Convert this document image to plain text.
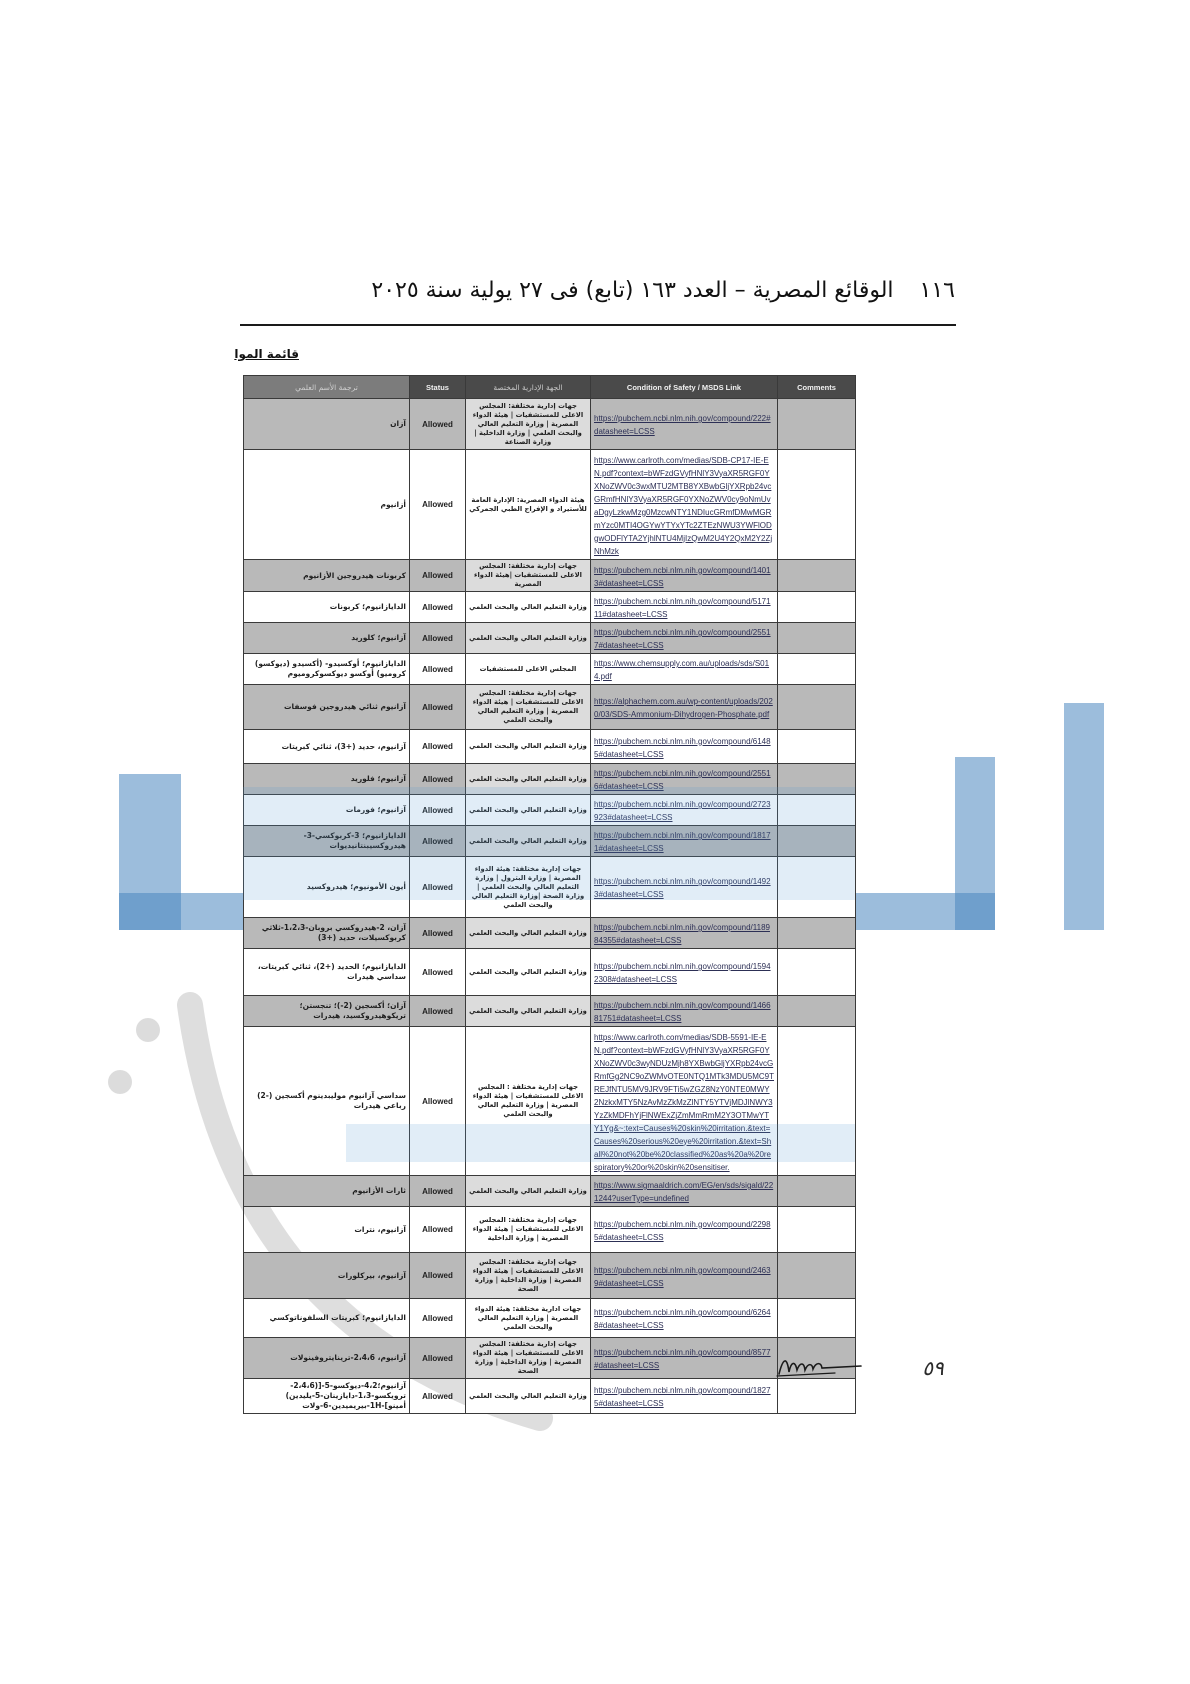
١١٦الوقائع المصرية – العدد ١٦٣ (تابع) فى ٢٧ يولية سنة ٢٠٢٥
قائمة الموا
ترجمة الأسم العلمي	Status	الجهة الإدارية المختصة	Condition of Safety / MSDS Link	Comments
آزان	Allowed	جهات إدارية مختلفة: المجلس الاعلى للمستشفيات | هيئة الدواء المصرية | وزارة التعليم العالي والبحث العلمي | وزارة الداخلية | وزارة الصناعة	https://pubchem.ncbi.nlm.nih.gov/compound/222#datasheet=LCSS	
أزانيوم	Allowed	هيئة الدواء المصرية: الإدارة العامة للأستيراد و الإفراج الطبي الجمركي	https://www.carlroth.com/medias/SDB-CP17-IE-EN.pdf?context=bWFzdGVyfHNlY3VyaXR5RGF0YXNoZWV0c3wxMTU2MTB8YXBwbGljYXRpb24vcGRmfHNlY3VyaXR5RGF0YXNoZWV0cy9oNmUvaDgyLzkwMzg0MzcwNTY1NDIucGRmfDMwMGRmYzc0MTI4OGYwYTYxYTc2ZTEzNWU3YWFlODgwODFlYTA2YjhlNTU4MjIzQwM2U4Y2QxM2Y2ZjNhMzk	
كربونات هيدروجين الأزانيوم	Allowed	جهات إدارية مختلفة: المجلس الاعلى للمستشفيات |هيئة الدواء المصرية	https://pubchem.ncbi.nlm.nih.gov/compound/14013#datasheet=LCSS	
الدايازانيوم؛ كربونات	Allowed	وزارة التعليم العالي والبحث العلمي	https://pubchem.ncbi.nlm.nih.gov/compound/517111#datasheet=LCSS	
آزانيوم؛ كلوريد	Allowed	وزارة التعليم العالي والبحث العلمي	https://pubchem.ncbi.nlm.nih.gov/compound/25517#datasheet=LCSS	
الدايازانيوم؛ أوكسيدو- (أكسيدو (ديوكسو) كروميو) أوكسو ديوكسوكروميوم	Allowed	المجلس الاعلى للمستشفيات	https://www.chemsupply.com.au/uploads/sds/S014.pdf	
آزانيوم ثنائي هيدروجين فوسفات	Allowed	جهات إدارية مختلفة: المجلس الاعلى للمستشفيات | هيئة الدواء المصرية | وزارة التعليم العالي والبحث العلمي	https://alphachem.com.au/wp-content/uploads/2020/03/SDS-Ammonium-Dihydrogen-Phosphate.pdf	
آزانيوم، حديد (+3)، ثنائي كبريتات	Allowed	وزارة التعليم العالي والبحث العلمي	https://pubchem.ncbi.nlm.nih.gov/compound/61485#datasheet=LCSS	
آزانيوم؛ فلوريد	Allowed	وزارة التعليم العالي والبحث العلمي	https://pubchem.ncbi.nlm.nih.gov/compound/25516#datasheet=LCSS	
آزانيوم؛ فورمات	Allowed	وزارة التعليم العالي والبحث العلمي	https://pubchem.ncbi.nlm.nih.gov/compound/2723923#datasheet=LCSS	
الدايازانيوم؛ 3-كربوكسي-3-هيدروكسيبنتانيديوات	Allowed	وزارة التعليم العالي والبحث العلمي	https://pubchem.ncbi.nlm.nih.gov/compound/18171#datasheet=LCSS	
أيون الأمونيوم؛ هيدروكسيد	Allowed	جهات إدارية مختلفة: هيئة الدواء المصرية | وزارة البترول | وزارة التعليم العالي والبحث العلمي | وزارة الصحة |وزارة التعليم العالي والبحث العلمي	https://pubchem.ncbi.nlm.nih.gov/compound/14923#datasheet=LCSS	
آزان، 2-هيدروكسي بروبان-1،2،3-ثلاثي كربوكسيلات، حديد (+3)	Allowed	وزارة التعليم العالي والبحث العلمي	https://pubchem.ncbi.nlm.nih.gov/compound/118984355#datasheet=LCSS	
الدايازانيوم؛ الحديد (+2)، ثنائي كبريتات، سداسي هيدرات	Allowed	وزارة التعليم العالي والبحث العلمي	https://pubchem.ncbi.nlm.nih.gov/compound/15942308#datasheet=LCSS	
آزان؛ أكسجين (2-)؛ تنجستن؛ تريكوهيدروكسيد، هيدرات	Allowed	وزارة التعليم العالي والبحث العلمي	https://pubchem.ncbi.nlm.nih.gov/compound/146681751#datasheet=LCSS	
سداسي آزانيوم موليبدينوم أكسجين (-2) رباعي هيدرات	Allowed	جهات إدارية مختلفة : المجلس الاعلى للمستشفيات | هيئة الدواء المصرية | وزارة التعليم العالي والبحث العلمي	https://www.carlroth.com/medias/SDB-5591-IE-EN.pdf?context=bWFzdGVyfHNlY3VyaXR5RGF0YXNoZWV0c3wyNDUzMjh8YXBwbGljYXRpb24vcGRmfGg2NC9oZWMvOTE0NTQ1MTk3MDU5MC9TREJfNTU5MV9JRV9FTi5wZGZ8NzY0NTE0MWY2NzkxMTY5NzAvMzZkMzZlNTY5YTVjMDJlNWY3YzZkMDFhYjFlNWExZjZmMmRmM2Y3OTMwYTY1Yg&~:text=Causes%20skin%20irritation.&text=Causes%20serious%20eye%20irritation.&text=Shall%20not%20be%20classified%20as%20a%20respiratory%20or%20skin%20sensitiser.	
ثارات الأزانيوم	Allowed	وزارة التعليم العالي والبحث العلمي	https://www.sigmaaldrich.com/EG/en/sds/sigald/221244?userType=undefined	
آزانيوم، نترات	Allowed	جهات إدارية مختلفة: المجلس الاعلى للمستشفيات | هيئة الدواء المصرية | وزارة الداخلية	https://pubchem.ncbi.nlm.nih.gov/compound/22985#datasheet=LCSS	
آزانيوم، بيركلورات	Allowed	جهات إدارية مختلفة: المجلس الاعلى للمستشفيات | هيئة الدواء المصرية | وزارة الداخلية | وزارة الصحة	https://pubchem.ncbi.nlm.nih.gov/compound/24639#datasheet=LCSS	
الدايازانيوم؛ كبريتات السلفوناتوكسي	Allowed	جهات ادارية مختلفة: هيئة الدواء المصرية | وزارة التعليم العالي والبحث العلمي	https://pubchem.ncbi.nlm.nih.gov/compound/62648#datasheet=LCSS	
آزانيوم، 2،4،6-ترينايتروفينولات	Allowed	جهات إدارية مختلفة: المجلس الاعلى للمستشفيات | هيئة الدواء المصرية | وزارة الداخلية | وزارة الصحة	https://pubchem.ncbi.nlm.nih.gov/compound/8577#datasheet=LCSS	
آزانيوم؛4،2-ديوكسو-5-[(2،4،6-ترويكسو-1،3-دايازينان-5-يليدين) أمينو]-1H-بيريميدين-6-ولات	Allowed	وزارة التعليم العالي والبحث العلمي	https://pubchem.ncbi.nlm.nih.gov/compound/18275#datasheet=LCSS	
٥٩
